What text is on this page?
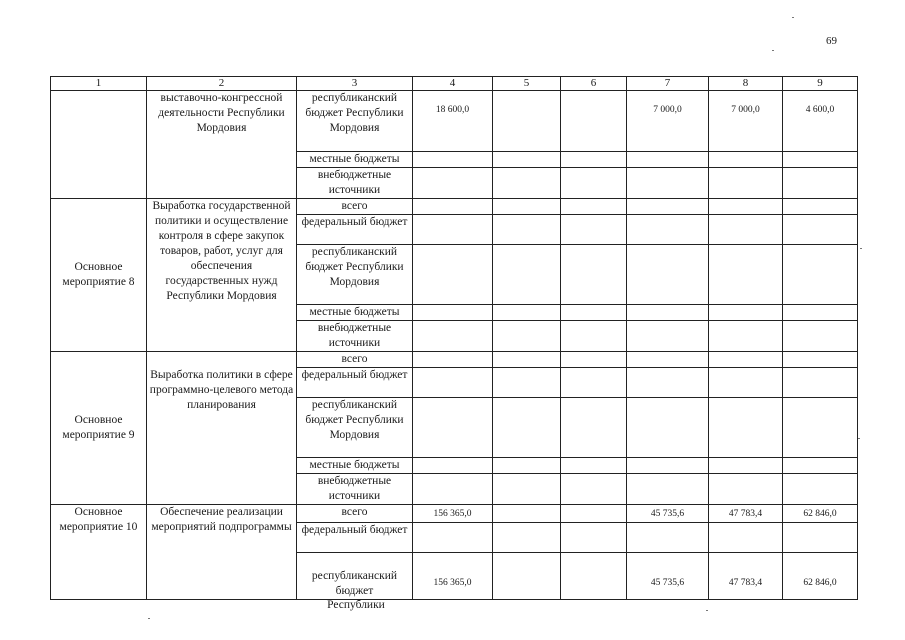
69
1	2	3	4	5	6	7	8	9
	выставочно-конгрессной деятельности Республики Мордовия	республиканский бюджет Республики Мордовия	18 600,0			7 000,0	7 000,0	4 600,0
		местные бюджеты						
		внебюджетные источники						
Основное мероприятие 8	Выработка государственной политики и осуществление контроля в сфере закупок товаров, работ, услуг для обеспечения государственных нужд Республики Мордовия	всего						
		федеральный бюджет						
		республиканский бюджет Республики Мордовия						
		местные бюджеты						
		внебюджетные источники						
Основное мероприятие 9	Выработка политики в сфере программно-целевого метода планирования	всего						
		федеральный бюджет						
		республиканский бюджет Республики Мордовия						
		местные бюджеты						
		внебюджетные источники						
Основное мероприятие 10	Обеспечение реализации мероприятий подпрограммы	всего	156 365,0			45 735,6	47 783,4	62 846,0
		федеральный бюджет						
		республиканский бюджет	156 365,0			45 735,6	47 783,4	62 846,0
Республики
